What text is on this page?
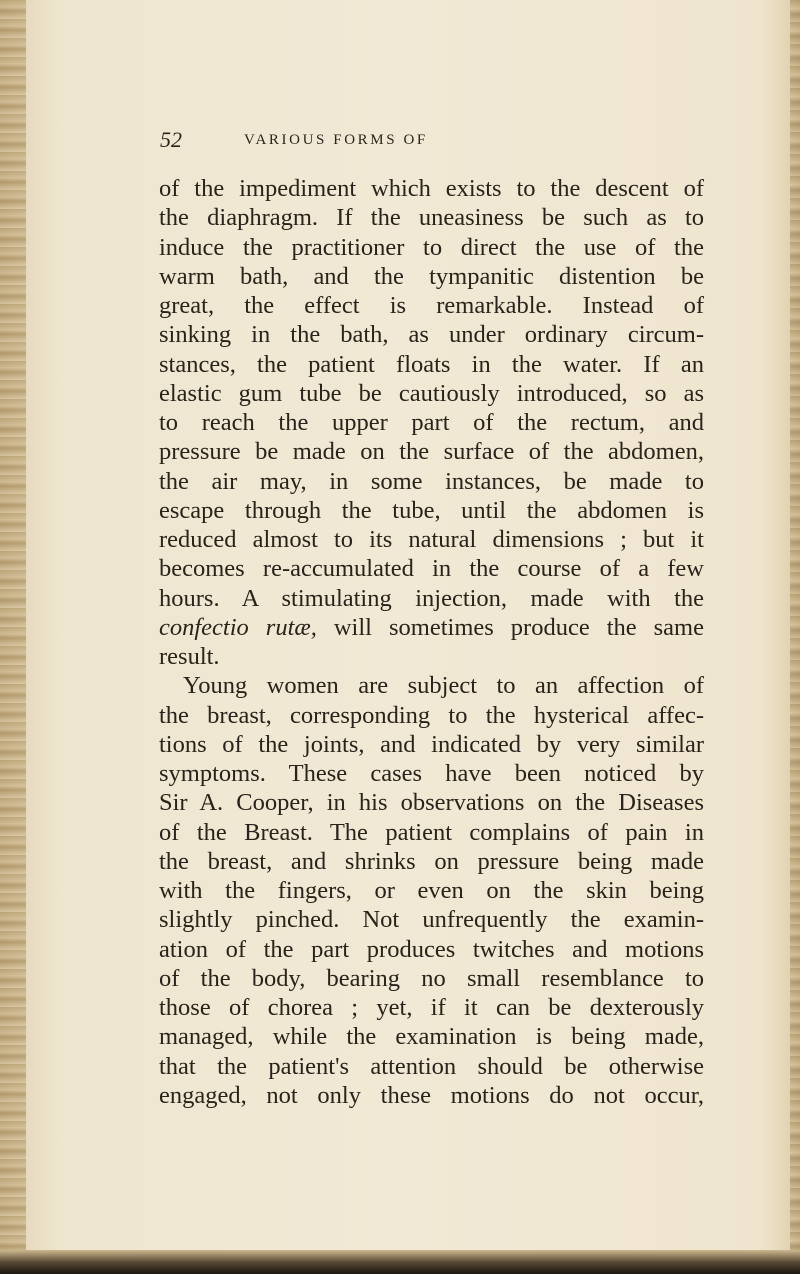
52	VARIOUS FORMS OF
of the impediment which exists to the descent of
the diaphragm. If the uneasiness be such as to
induce the practitioner to direct the use of the
warm bath, and the tympanitic distention be
great, the effect is remarkable. Instead of
sinking in the bath, as under ordinary circum-
stances, the patient floats in the water. If an
elastic gum tube be cautiously introduced, so as
to reach the upper part of the rectum, and
pressure be made on the surface of the abdomen,
the air may, in some instances, be made to
escape through the tube, until the abdomen is
reduced almost to its natural dimensions ; but it
becomes re-accumulated in the course of a few
hours. A stimulating injection, made with the
confectio rutæ, will sometimes produce the same
result.
Young women are subject to an affection of
the breast, corresponding to the hysterical affec-
tions of the joints, and indicated by very similar
symptoms. These cases have been noticed by
Sir A. Cooper, in his observations on the Diseases
of the Breast. The patient complains of pain in
the breast, and shrinks on pressure being made
with the fingers, or even on the skin being
slightly pinched. Not unfrequently the examin-
ation of the part produces twitches and motions
of the body, bearing no small resemblance to
those of chorea ; yet, if it can be dexterously
managed, while the examination is being made,
that the patient's attention should be otherwise
engaged, not only these motions do not occur,
